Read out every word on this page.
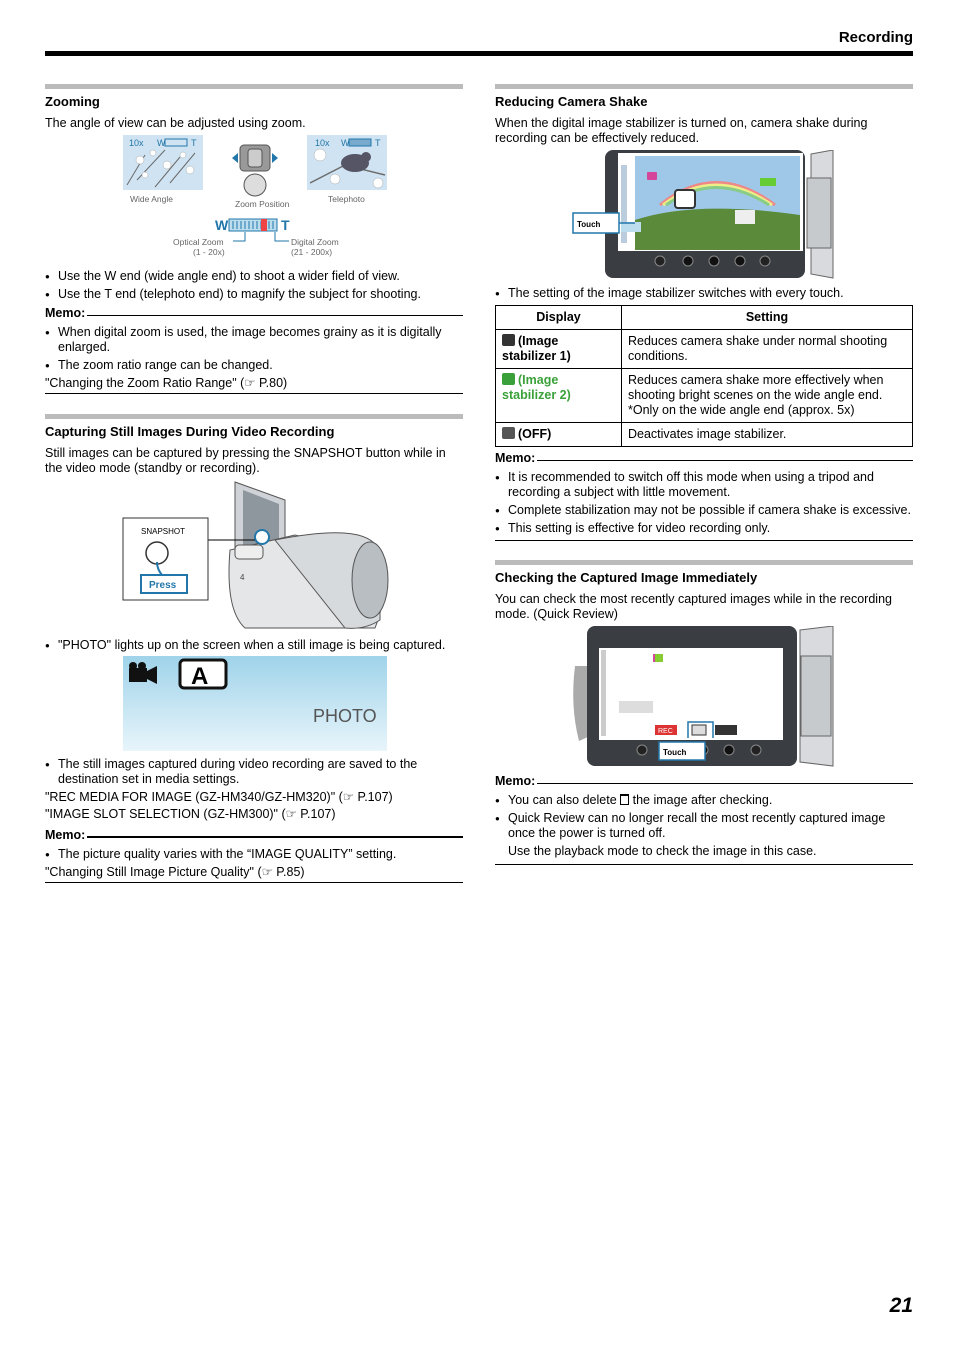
Recording
Zooming

The angle of view can be adjusted using zoom.

10x W	T	10x W	T
Wide Angle	Zoom Position	Telephoto
W	T
Optical Zoom
(1 - 20x)
Digital Zoom
(21 - 200x)
● Use the W end (wide angle end) to shoot a wider field of view.
● Use the T end (telephoto end) to magnify the subject for shooting.
Memo:
● When digital zoom is used, the image becomes grainy as it is digitally enlarged.
● The zoom ratio range can be changed.
"Changing the Zoom Ratio Range" (☞ P.80)
Capturing Still Images During Video Recording

Still images can be captured by pressing the SNAPSHOT button while in the video mode (standby or recording).

SNAPSHOT
Press
4
● "PHOTO" lights up on the screen when a still image is being captured.
A
PHOTO
● The still images captured during video recording are saved to the destination set in media settings.
"REC MEDIA FOR IMAGE (GZ-HM340/GZ-HM320)" (☞ P.107)
"IMAGE SLOT SELECTION (GZ-HM300)" (☞ P.107)
Memo:
● The picture quality varies with the “IMAGE QUALITY” setting.
"Changing Still Image Picture Quality" (☞ P.85)
Reducing Camera Shake

When the digital image stabilizer is turned on, camera shake during recording can be effectively reduced.

Touch
● The setting of the image stabilizer switches with every touch.
Display	Setting
(Image stabilizer 1)	Reduces camera shake under normal shooting conditions.
(Image stabilizer 2)	Reduces camera shake more effectively when shooting bright scenes on the wide angle end.
*Only on the wide angle end (approx. 5x)
(OFF)	Deactivates image stabilizer.
Memo:
● It is recommended to switch off this mode when using a tripod and recording a subject with little movement.
● Complete stabilization may not be possible if camera shake is excessive.
● This setting is effective for video recording only.
Checking the Captured Image Immediately

You can check the most recently captured images while in the recording mode. (Quick Review)

REC
Touch
Memo:
● You can also delete the image after checking.
● Quick Review can no longer recall the most recently captured image once the power is turned off.
Use the playback mode to check the image in this case.
21
